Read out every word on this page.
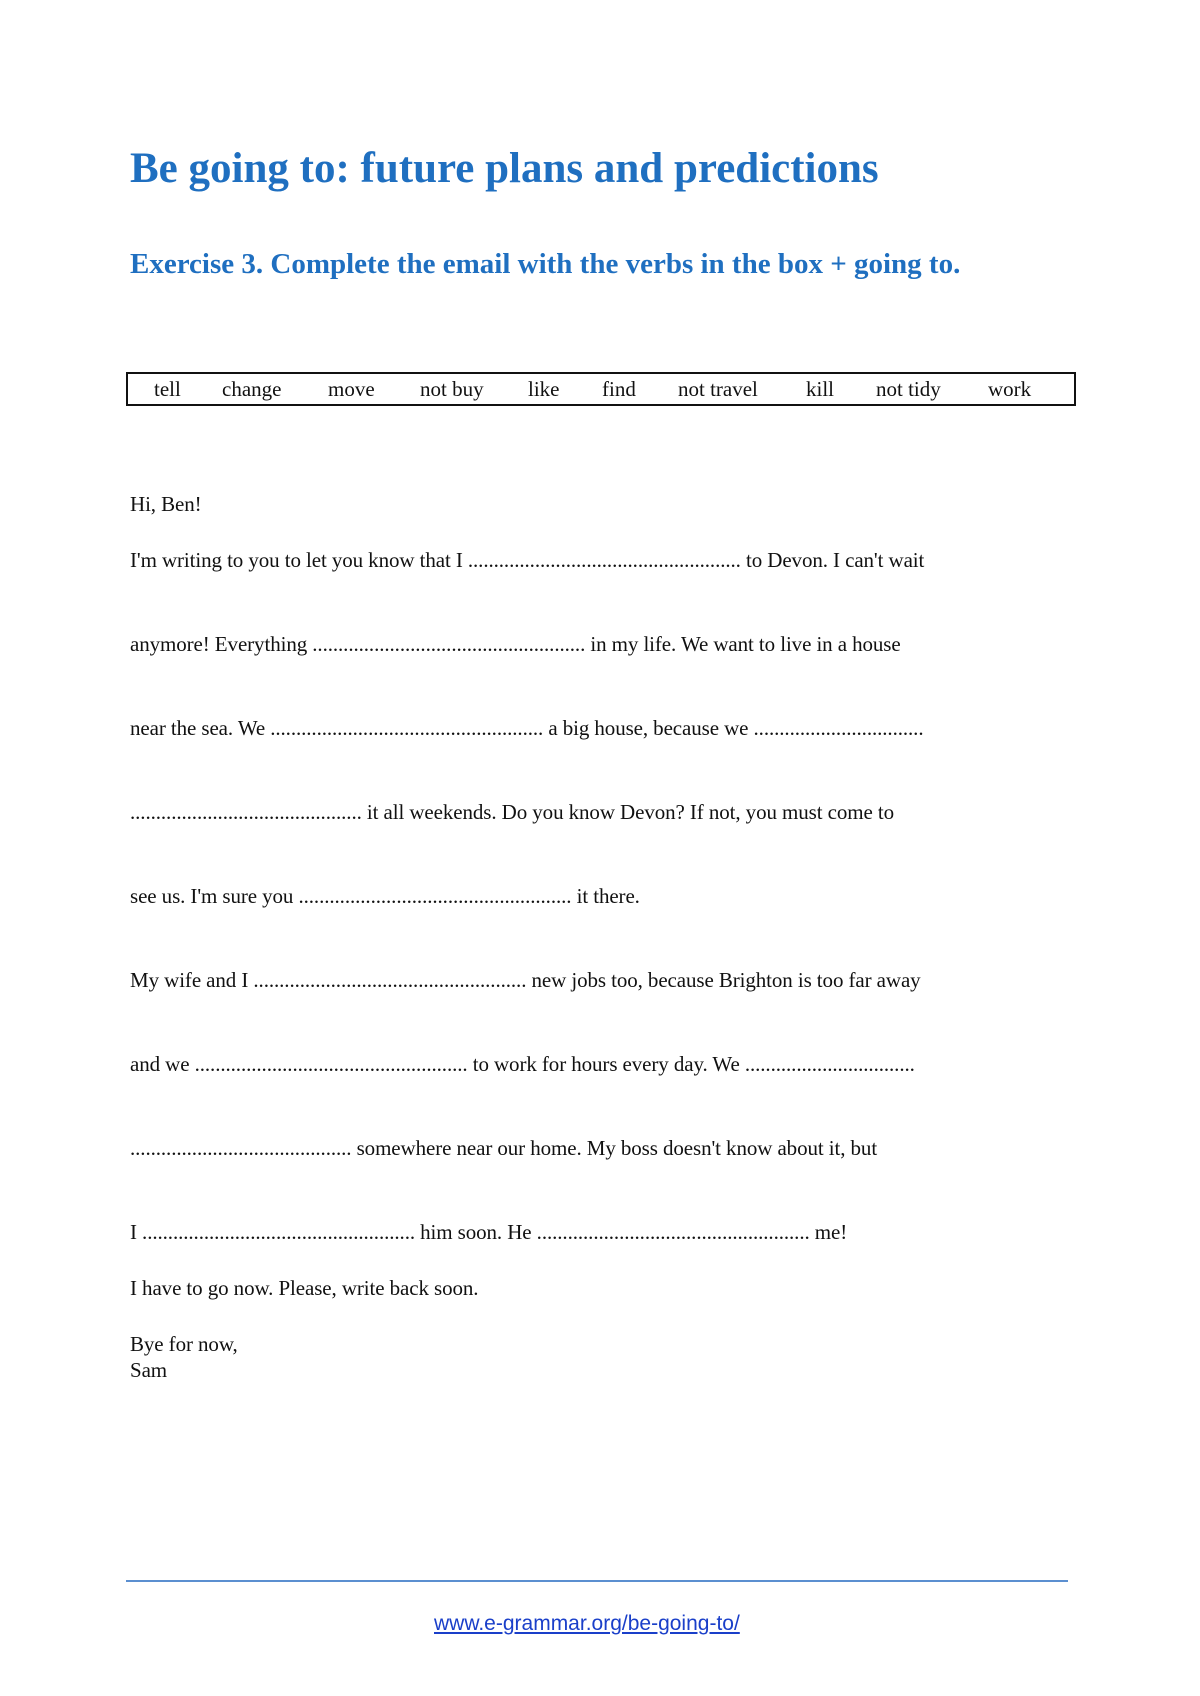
Be going to: future plans and predictions
Exercise 3. Complete the email with the verbs in the box + going to.
tell change move not buy like find not travel kill not tidy work

Hi, Ben!

I'm writing to you to let you know that I ..................................................... to Devon. I can't wait

anymore! Everything ..................................................... in my life. We want to live in a house

near the sea. We ..................................................... a big house, because we .................................

............................................. it all weekends. Do you know Devon? If not, you must come to

see us. I'm sure you ..................................................... it there.

My wife and I ..................................................... new jobs too, because Brighton is too far away

and we ..................................................... to work for hours every day. We .................................

........................................... somewhere near our home. My boss doesn't know about it, but

I ..................................................... him soon. He ..................................................... me!

I have to go now. Please, write back soon.

Bye for now,

Sam

www.e-grammar.org/be-going-to/
